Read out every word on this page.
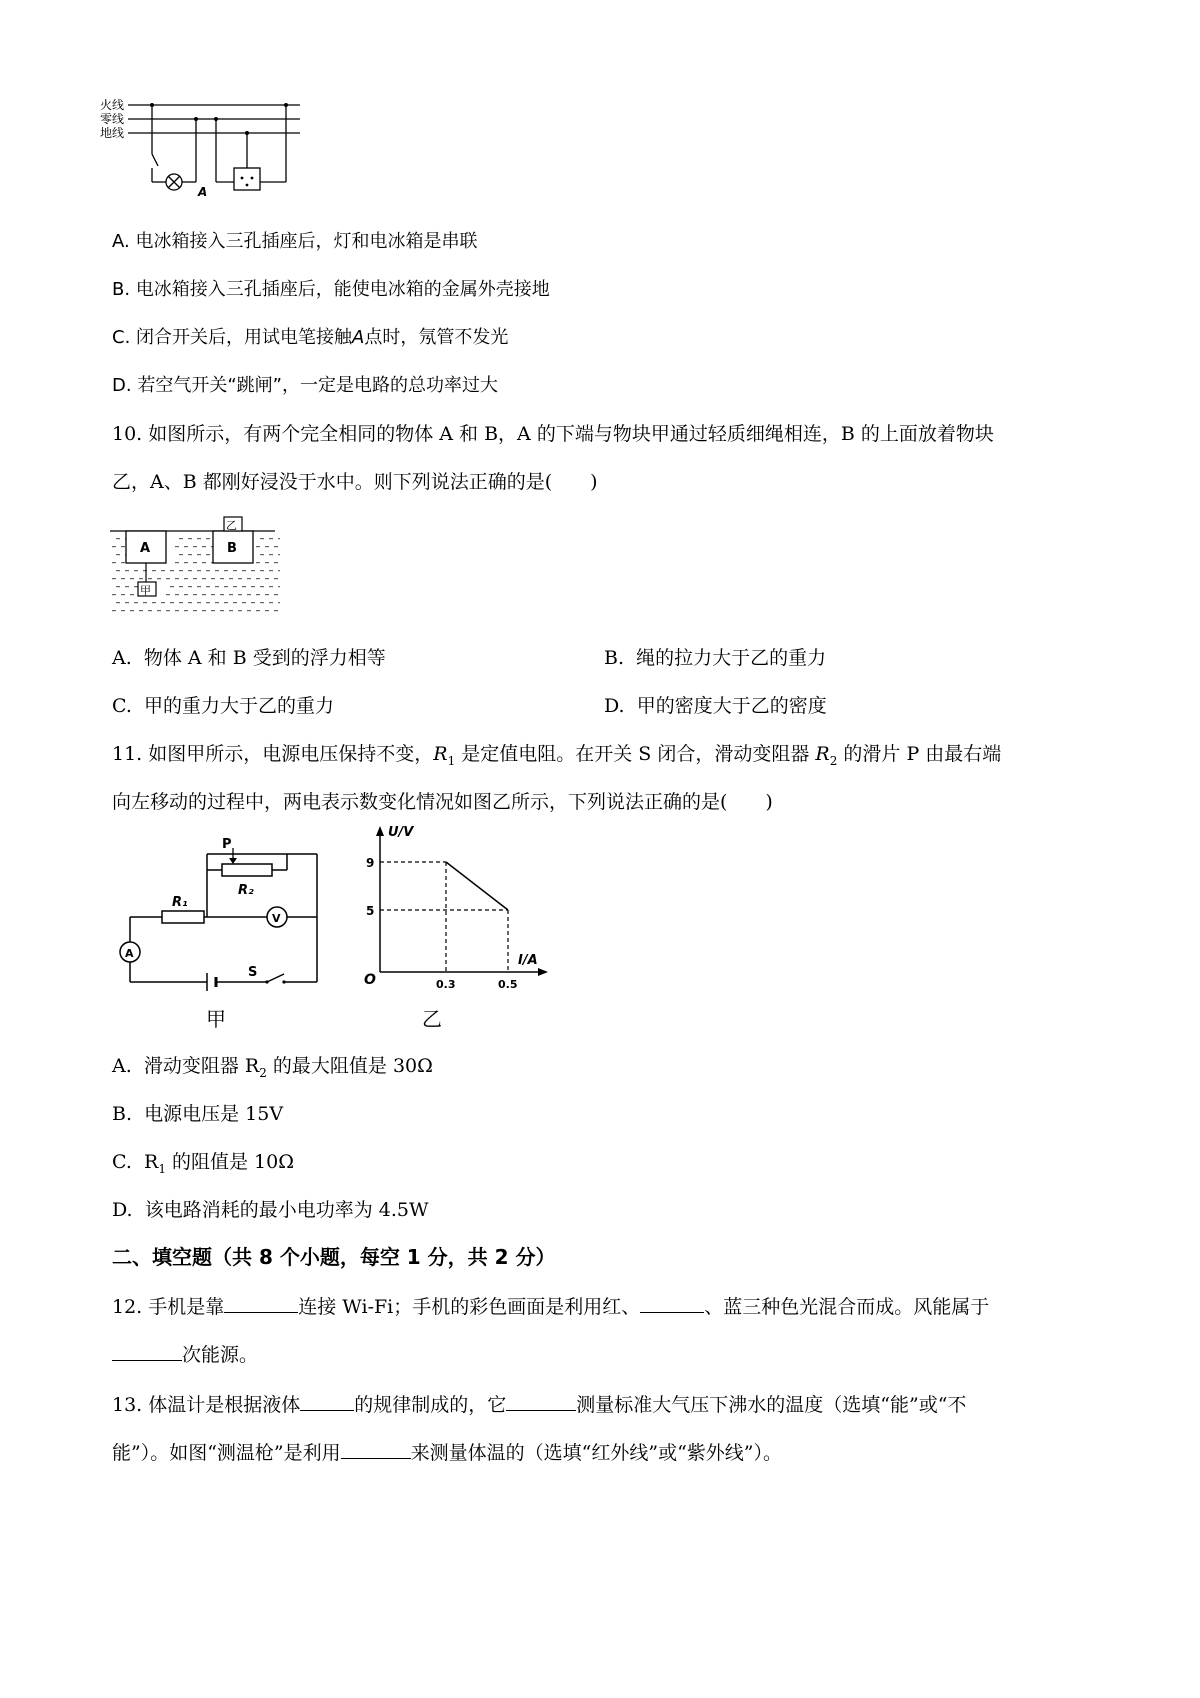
火线
零线
地线
A
A. 电冰箱接入三孔插座后，灯和电冰箱是串联
B. 电冰箱接入三孔插座后，能使电冰箱的金属外壳接地
C. 闭合开关后，用试电笔接触A点时，氖管不发光
D. 若空气开关“跳闸”，一定是电路的总功率过大
10. 如图所示，有两个完全相同的物体 A 和 B，A 的下端与物块甲通过轻质细绳相连，B 的上面放着物块
乙，A、B 都刚好浸没于水中。则下列说法正确的是(　　)
A
甲
B
乙
A. 物体 A 和 B 受到的浮力相等	B. 绳的拉力大于乙的重力
C. 甲的重力大于乙的重力	D. 甲的密度大于乙的密度
11. 如图甲所示，电源电压保持不变，$R_1$ 是定值电阻。在开关 S 闭合，滑动变阻器 $R_2$ 的滑片 P 由最右端
向左移动的过程中，两电表示数变化情况如图乙所示，下列说法正确的是(　　)
P
R₁
R₂
V
A
S
甲
U/V
I/A
O
9
5
0.3	0.5
乙
A. 滑动变阻器 $R_2$ 的最大阻值是 30Ω
B. 电源电压是 15V
C. $R_1$ 的阻值是 10Ω
D. 该电路消耗的最小电功率为 4.5W
二、填空题（共 8 个小题，每空 1 分，共 2 分）
12. 手机是靠	连接 Wi-Fi；手机的彩色画面是利用红、	、蓝三种色光混合而成。风能属于
次能源。
13. 体温计是根据液体	的规律制成的，它	测量标准大气压下沸水的温度（选填“能”或“不
能”）。如图“测温枪”是利用	来测量体温的（选填“红外线”或“紫外线”）。
